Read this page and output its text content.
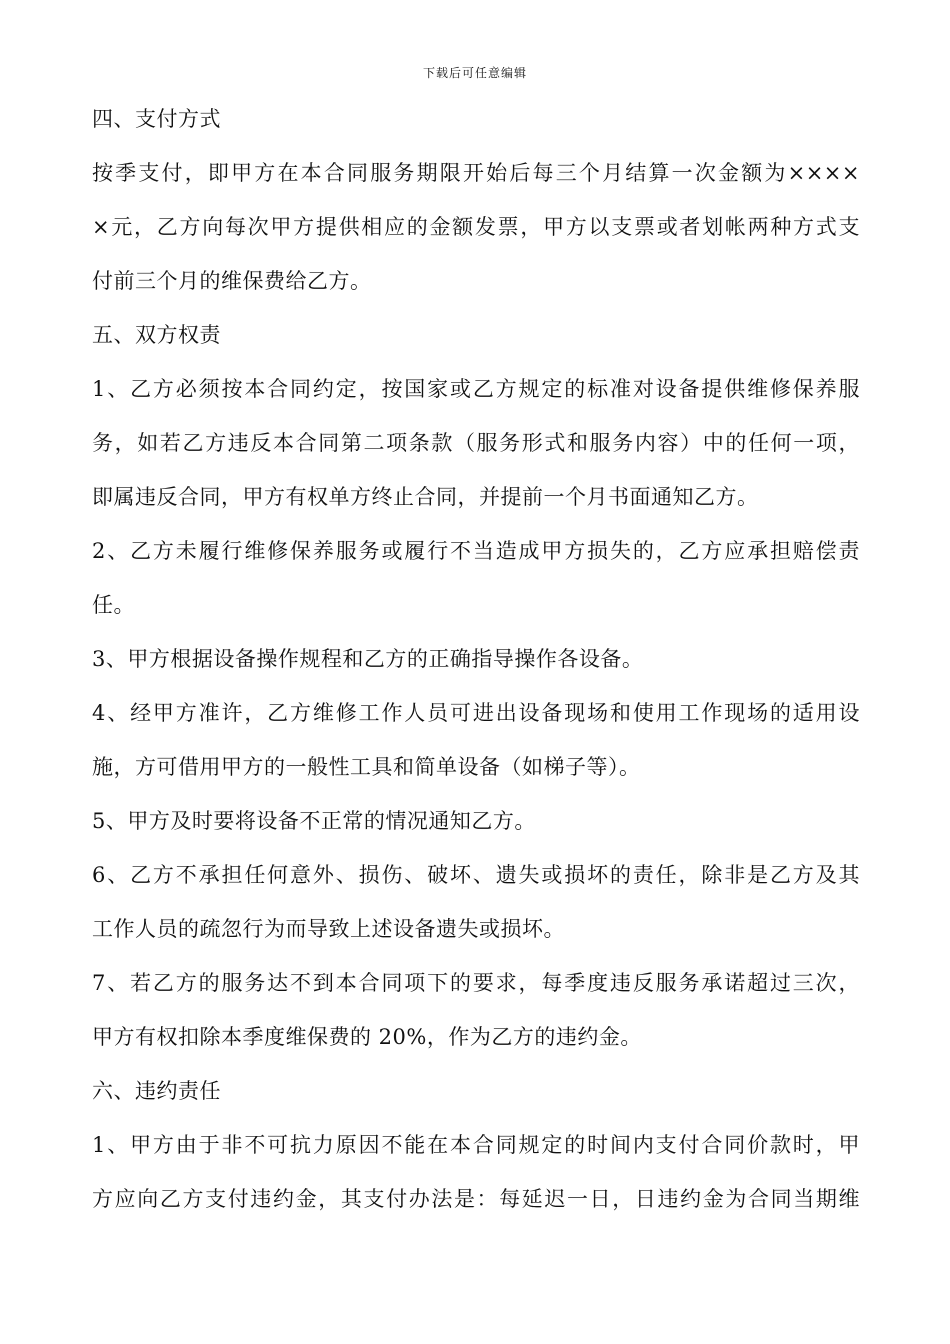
下载后可任意编辑
四、支付方式
按季支付，即甲方在本合同服务期限开始后每三个月结算一次金额为××××
×元，乙方向每次甲方提供相应的金额发票，甲方以支票或者划帐两种方式支
付前三个月的维保费给乙方。
五、双方权责
1、乙方必须按本合同约定，按国家或乙方规定的标准对设备提供维修保养服
务，如若乙方违反本合同第二项条款（服务形式和服务内容）中的任何一项，
即属违反合同，甲方有权单方终止合同，并提前一个月书面通知乙方。
2、乙方未履行维修保养服务或履行不当造成甲方损失的，乙方应承担赔偿责
任。
3、甲方根据设备操作规程和乙方的正确指导操作各设备。
4、经甲方准许，乙方维修工作人员可进出设备现场和使用工作现场的适用设
施，方可借用甲方的一般性工具和简单设备（如梯子等）。
5、甲方及时要将设备不正常的情况通知乙方。
6、乙方不承担任何意外、损伤、破坏、遗失或损坏的责任，除非是乙方及其
工作人员的疏忽行为而导致上述设备遗失或损坏。
7、若乙方的服务达不到本合同项下的要求，每季度违反服务承诺超过三次，
甲方有权扣除本季度维保费的 20%，作为乙方的违约金。
六、违约责任
1、甲方由于非不可抗力原因不能在本合同规定的时间内支付合同价款时，甲
方应向乙方支付违约金，其支付办法是：每延迟一日，日违约金为合同当期维
